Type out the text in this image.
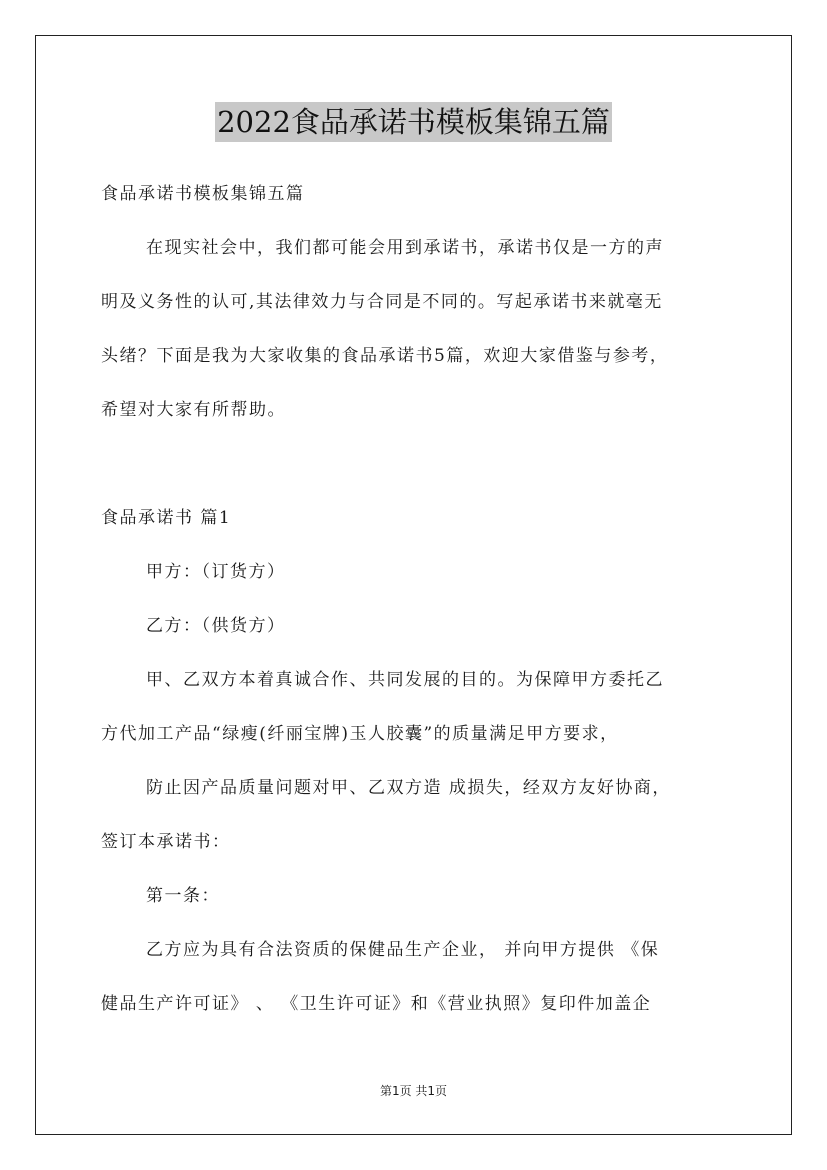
2022食品承诺书模板集锦五篇
食品承诺书模板集锦五篇
在现实社会中，我们都可能会用到承诺书，承诺书仅是一方的声
明及义务性的认可,其法律效力与合同是不同的。写起承诺书来就毫无
头绪？下面是我为大家收集的食品承诺书5篇，欢迎大家借鉴与参考，
希望对大家有所帮助。
食品承诺书 篇1
甲方：（订货方）
乙方：（供货方）
甲、乙双方本着真诚合作、共同发展的目的。为保障甲方委托乙
方代加工产品“绿瘦(纤丽宝牌)玉人胶囊”的质量满足甲方要求，
防止因产品质量问题对甲、乙双方造 成损失，经双方友好协商，
签订本承诺书：
第一条：
乙方应为具有合法资质的保健品生产企业， 并向甲方提供 《保
健品生产许可证》 、 《卫生许可证》和《营业执照》复印件加盖企
第1页 共1页
